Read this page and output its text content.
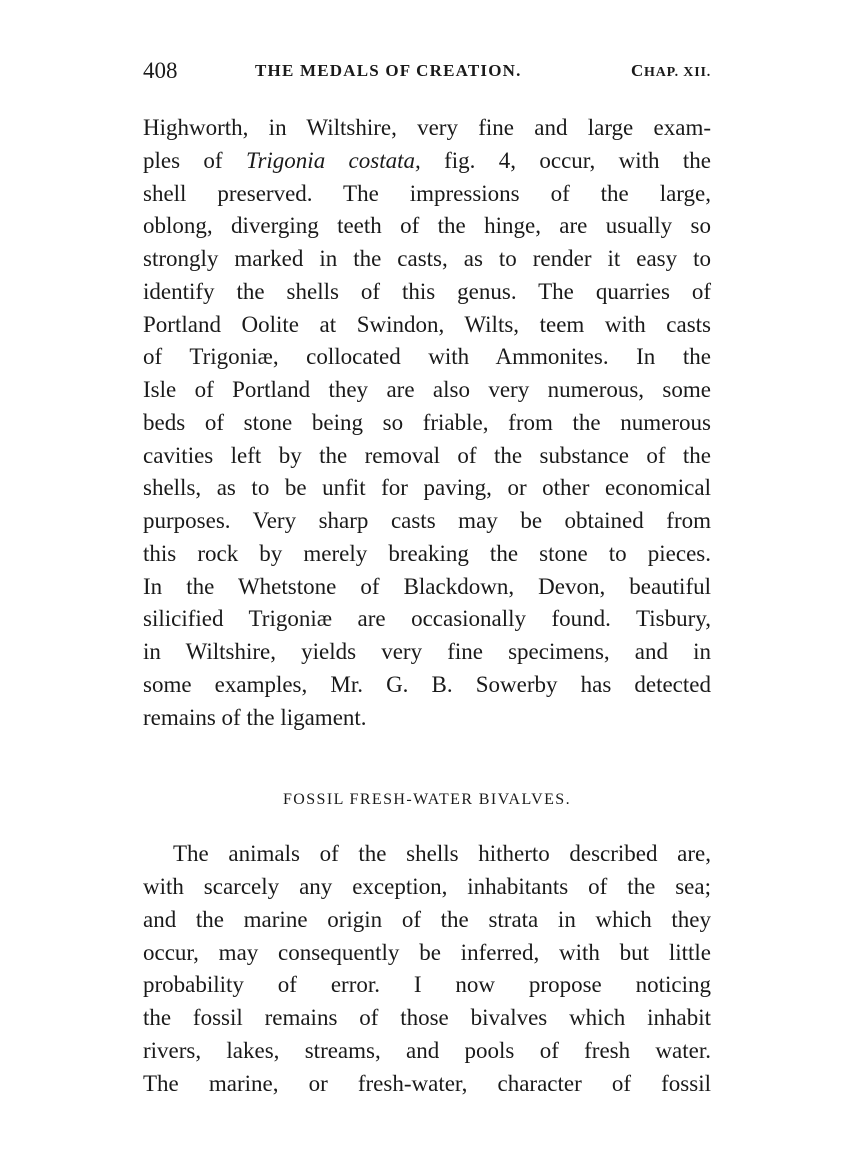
408	THE MEDALS OF CREATION.	CHAP. XII.
Highworth, in Wiltshire, very fine and large exam-
ples of Trigonia costata, fig. 4, occur, with the
shell preserved. The impressions of the large,
oblong, diverging teeth of the hinge, are usually so
strongly marked in the casts, as to render it easy to
identify the shells of this genus. The quarries of
Portland Oolite at Swindon, Wilts, teem with casts
of Trigoniæ, collocated with Ammonites. In the
Isle of Portland they are also very numerous, some
beds of stone being so friable, from the numerous
cavities left by the removal of the substance of the
shells, as to be unfit for paving, or other economical
purposes. Very sharp casts may be obtained from
this rock by merely breaking the stone to pieces.
In the Whetstone of Blackdown, Devon, beautiful
silicified Trigoniæ are occasionally found. Tisbury,
in Wiltshire, yields very fine specimens, and in
some examples, Mr. G. B. Sowerby has detected
remains of the ligament.
FOSSIL FRESH-WATER BIVALVES.
The animals of the shells hitherto described are,
with scarcely any exception, inhabitants of the sea;
and the marine origin of the strata in which they
occur, may consequently be inferred, with but little
probability of error. I now propose noticing
the fossil remains of those bivalves which inhabit
rivers, lakes, streams, and pools of fresh water.
The marine, or fresh-water, character of fossil
